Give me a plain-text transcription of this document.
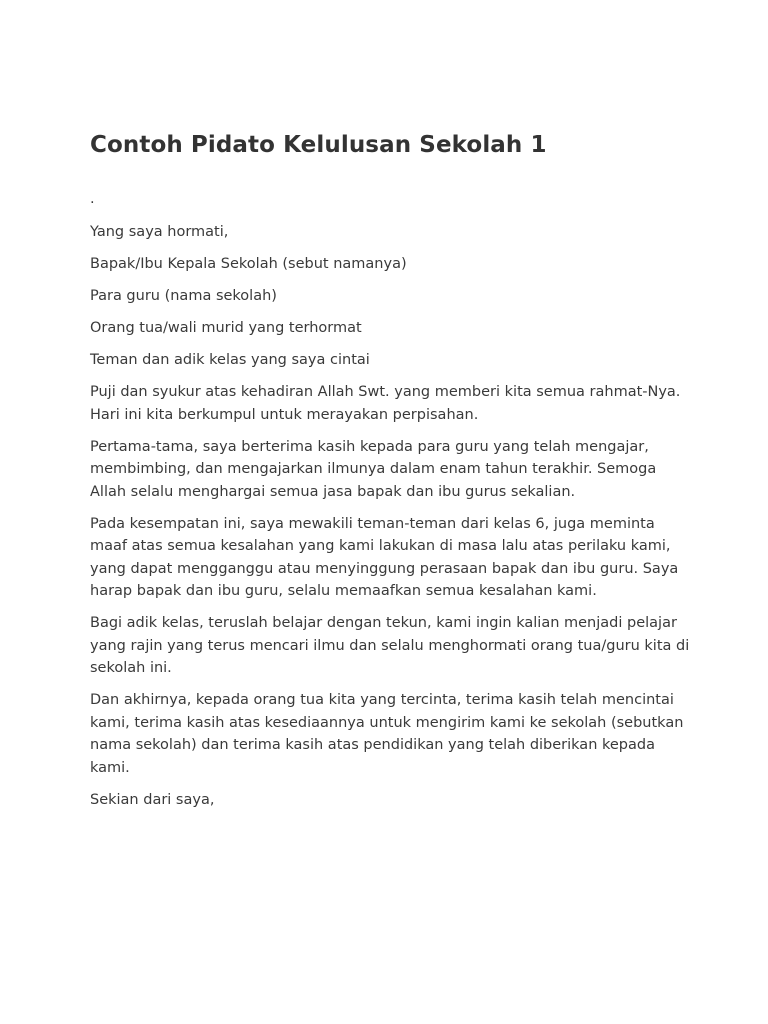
Contoh Pidato Kelulusan Sekolah 1

.

Yang saya hormati,

Bapak/Ibu Kepala Sekolah (sebut namanya)

Para guru (nama sekolah)

Orang tua/wali murid yang terhormat

Teman dan adik kelas yang saya cintai

Puji dan syukur atas kehadiran Allah Swt. yang memberi kita semua rahmat-Nya. Hari ini kita berkumpul untuk merayakan perpisahan.

Pertama-tama, saya berterima kasih kepada para guru yang telah mengajar, membimbing, dan mengajarkan ilmunya dalam enam tahun terakhir. Semoga Allah selalu menghargai semua jasa bapak dan ibu gurus sekalian.

Pada kesempatan ini, saya mewakili teman-teman dari kelas 6, juga meminta maaf atas semua kesalahan yang kami lakukan di masa lalu atas perilaku kami, yang dapat mengganggu atau menyinggung perasaan bapak dan ibu guru. Saya harap bapak dan ibu guru, selalu memaafkan semua kesalahan kami.

Bagi adik kelas, teruslah belajar dengan tekun, kami ingin kalian menjadi pelajar yang rajin yang terus mencari ilmu dan selalu menghormati orang tua/guru kita di sekolah ini.

Dan akhirnya, kepada orang tua kita yang tercinta, terima kasih telah mencintai kami, terima kasih atas kesediaannya untuk mengirim kami ke sekolah (sebutkan nama sekolah) dan terima kasih atas pendidikan yang telah diberikan kepada kami.

Sekian dari saya,
